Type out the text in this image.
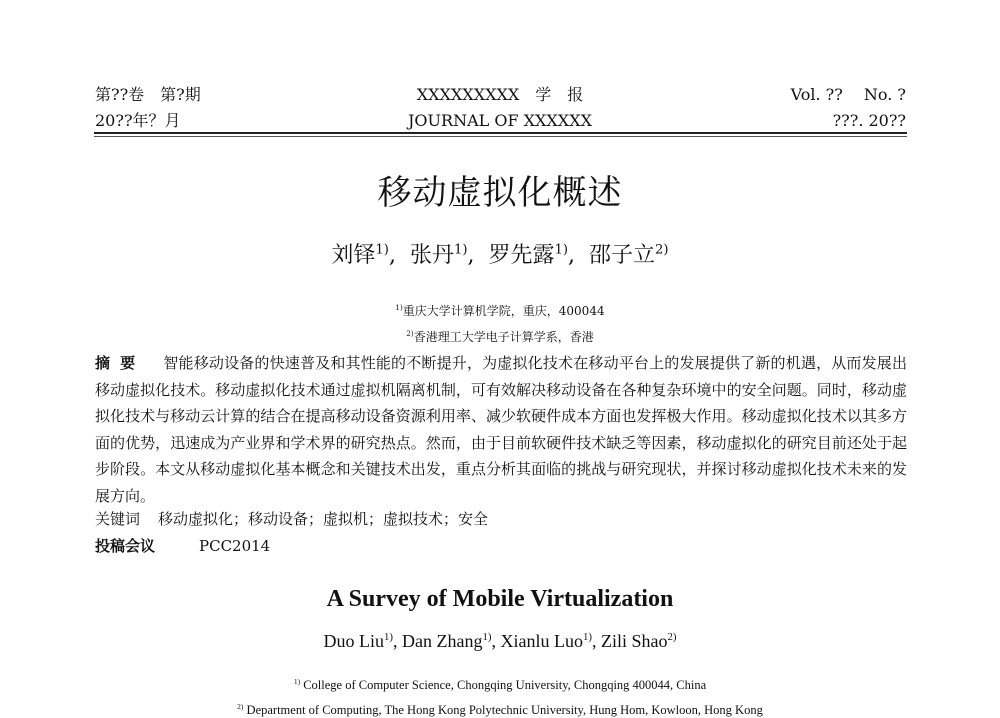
第??卷　第?期	XXXXXXXXX　学　报	Vol. ??　 No. ?
20??年？月	JOURNAL OF XXXXXX	???. 20??
移动虚拟化概述
刘铎$^{1)}$,  张丹$^{1)}$,  罗先露$^{1)}$,  邵子立$^{2)}$
$^{1)}$重庆大学计算机学院，重庆，400044
$^{2)}$香港理工大学电子计算学系，香港
摘要 智能移动设备的快速普及和其性能的不断提升，为虚拟化技术在移动平台上的发展提供了新的机遇，从而发展出移动虚拟化技术。移动虚拟化技术通过虚拟机隔离机制，可有效解决移动设备在各种复杂环境中的安全问题。同时，移动虚拟化技术与移动云计算的结合在提高移动设备资源利用率、减少软硬件成本方面也发挥极大作用。移动虚拟化技术以其多方面的优势，迅速成为产业界和学术界的研究热点。然而，由于目前软硬件技术缺乏等因素，移动虚拟化的研究目前还处于起步阶段。本文从移动虚拟化基本概念和关键技术出发，重点分析其面临的挑战与研究现状，并探讨移动虚拟化技术未来的发展方向。
关键词 移动虚拟化；移动设备；虚拟机；虚拟技术；安全
投稿会议	PCC2014
A Survey of Mobile Virtualization
Duo Liu$^{1)}$, Dan Zhang$^{1)}$, Xianlu Luo$^{1)}$, Zili Shao$^{2)}$
$^{1)}$ College of Computer Science, Chongqing University, Chongqing 400044, China
$^{2)}$ Department of Computing, The Hong Kong Polytechnic University, Hung Hom, Kowloon, Hong Kong
